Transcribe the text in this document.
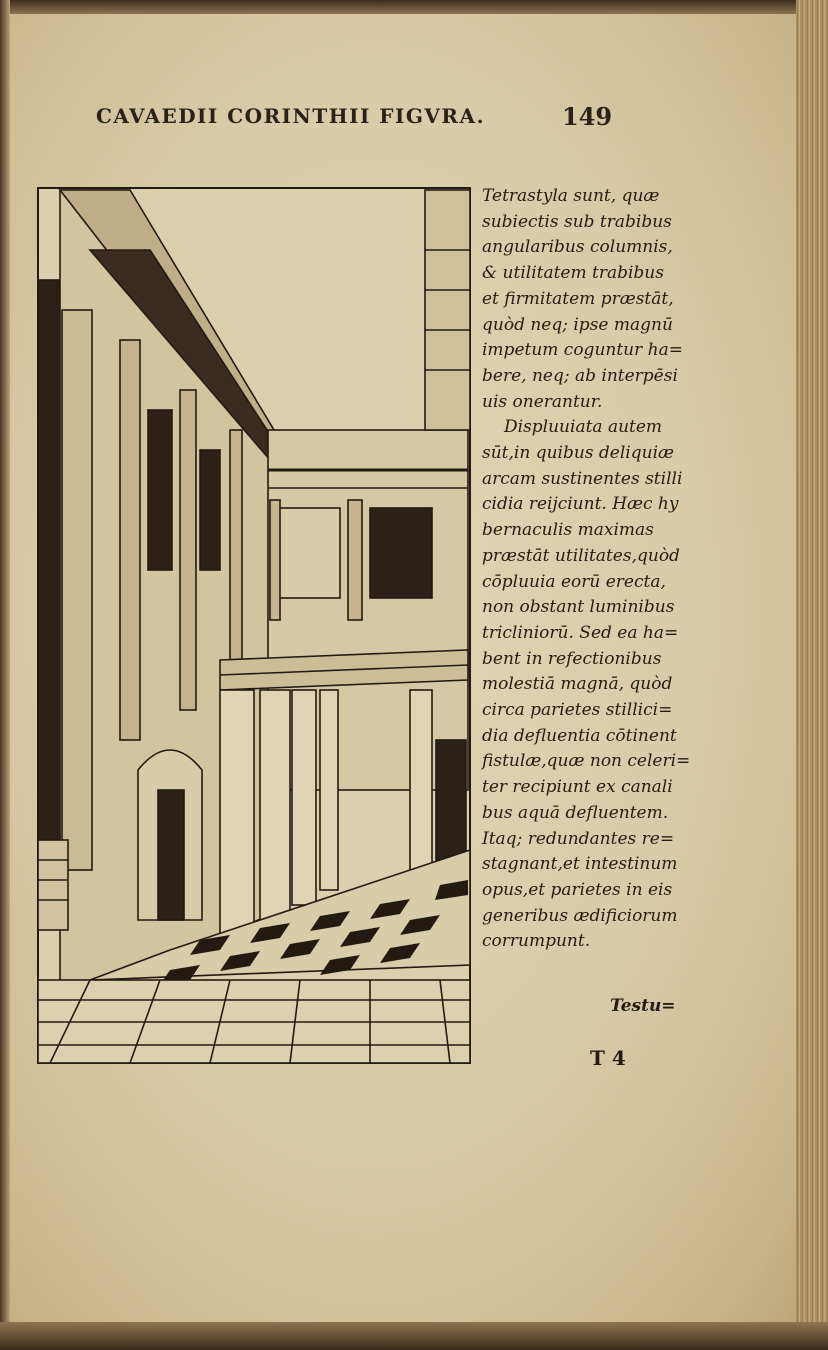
CAVAEDII CORINTHII FIGVRA.	149
Tetrastyla sunt, quæ
subiectis sub trabibus
angularibus columnis,
& utilitatem trabibus
et firmitatem præstāt,
quòd neq; ipse magnū
impetum coguntur ha=
bere, neq; ab interpēsi
uis onerantur.
Displuuiata autem
sūt,in quibus deliquiæ
arcam sustinentes stilli
cidia reijciunt. Hæc hy
bernaculis maximas
præstāt utilitates,quòd
cōpluuia eorū erecta,
non obstant luminibus
tricliniorū. Sed ea ha=
bent in refectionibus
molestiā magnā, quòd
circa parietes stillici=
dia defluentia cōtinent
fistulæ,quæ non celeri=
ter recipiunt ex canali
bus aquā defluentem.
Itaq; redundantes re=
stagnant,et intestinum
opus,et parietes in eis
generibus ædificiorum
corrumpunt.
Testu=
T 4
